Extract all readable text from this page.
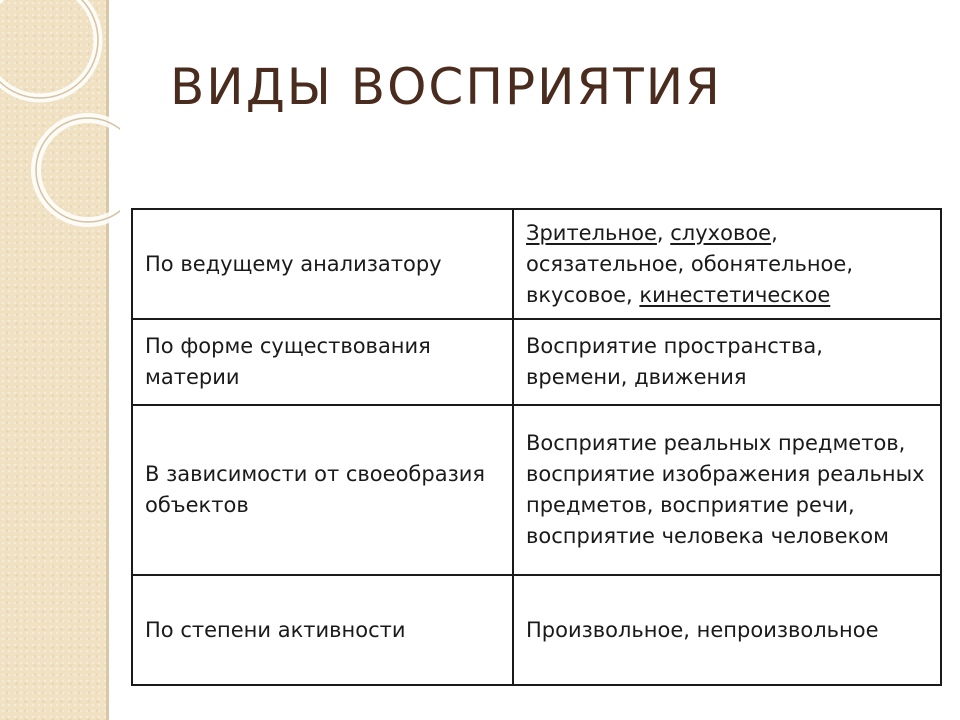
ВИДЫ ВОСПРИЯТИЯ
По ведущему анализатору	Зрительное, слуховое, осязательное, обонятельное, вкусовое, кинестетическое
По форме существования материи	Восприятие пространства, времени, движения
В зависимости от своеобразия объектов	Восприятие реальных предметов, восприятие изображения реальных предметов, восприятие речи, восприятие человека человеком
По степени активности	Произвольное, непроизвольное
